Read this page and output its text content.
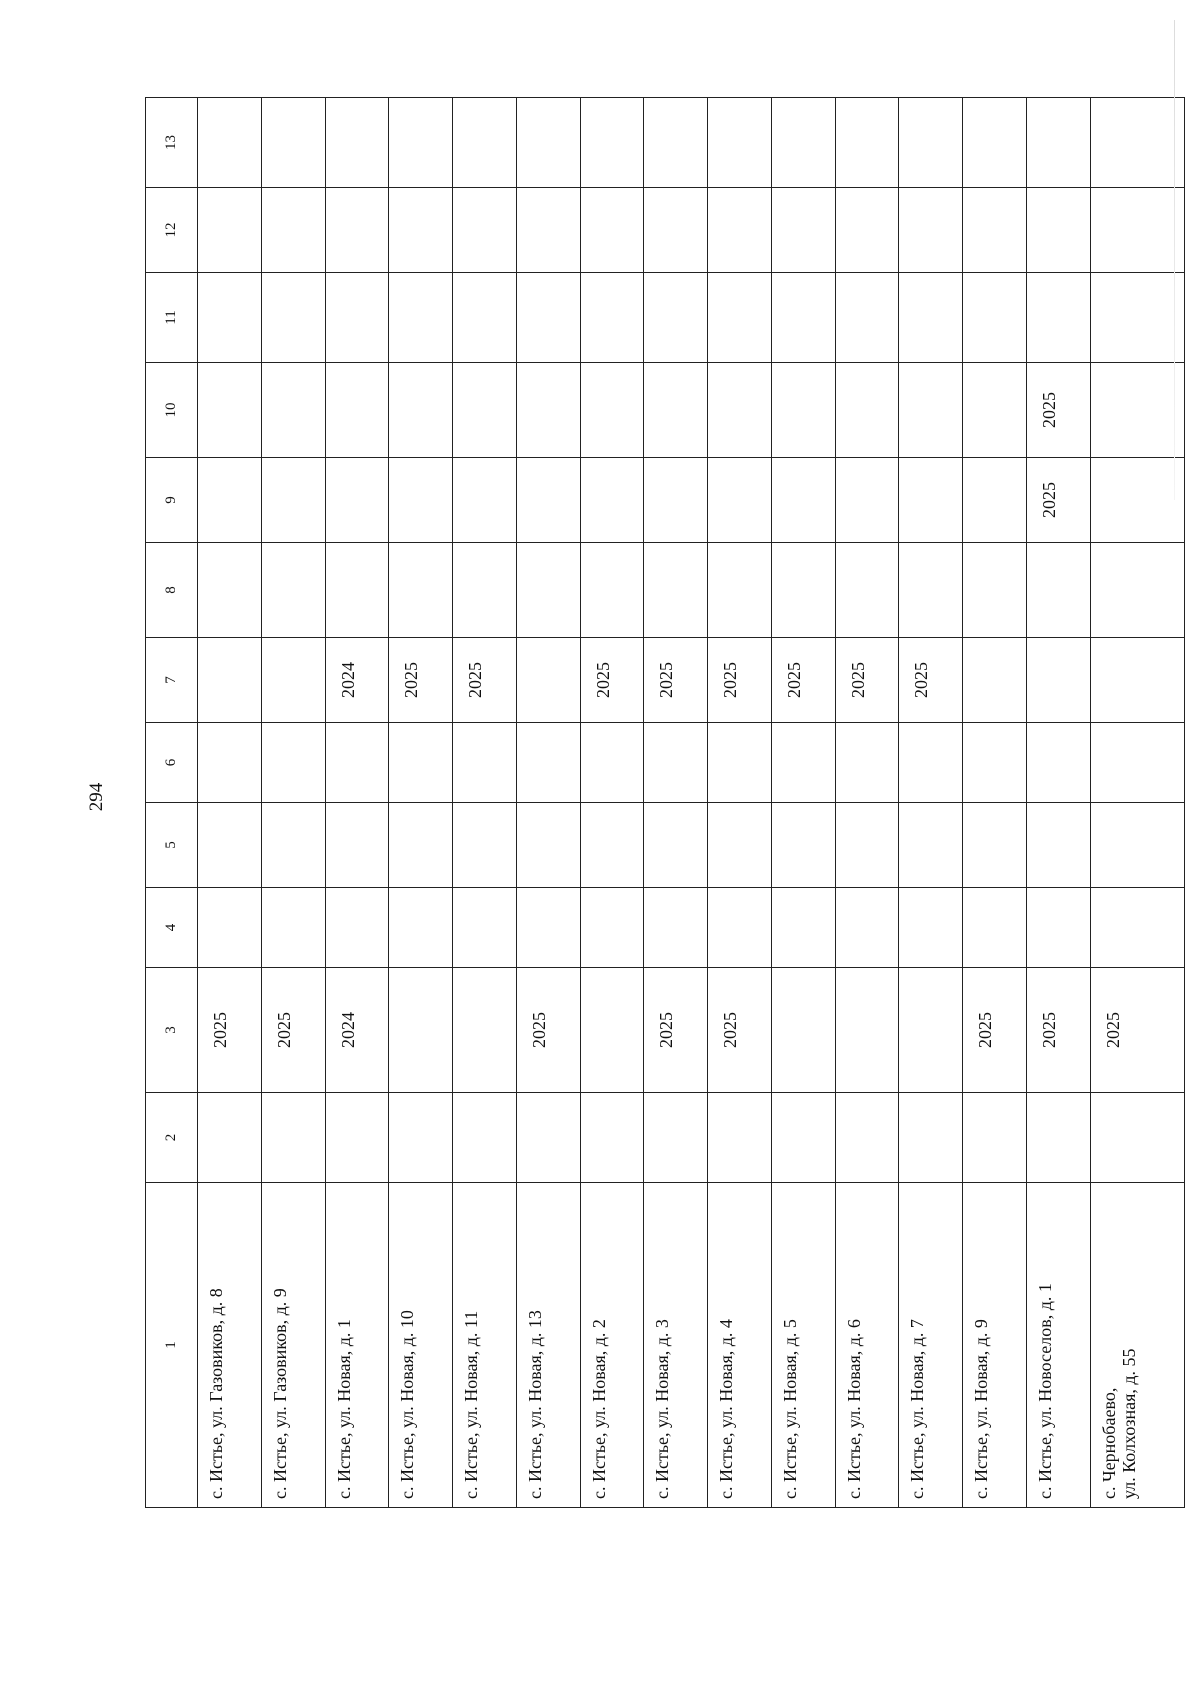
294
1	2	3	4	5	6	7	8	9	10	11	12	13
с. Истье, ул. Газовиков, д. 8		2025										
с. Истье, ул. Газовиков, д. 9		2025										
с. Истье, ул. Новая, д. 1		2024				2024						
с. Истье, ул. Новая, д. 10						2025						
с. Истье, ул. Новая, д. 11						2025						
с. Истье, ул. Новая, д. 13		2025										
с. Истье, ул. Новая, д. 2						2025						
с. Истье, ул. Новая, д. 3		2025				2025						
с. Истье, ул. Новая, д. 4		2025				2025						
с. Истье, ул. Новая, д. 5						2025						
с. Истье, ул. Новая, д. 6						2025						
с. Истье, ул. Новая, д. 7						2025						
с. Истье, ул. Новая, д. 9		2025										
с. Истье, ул. Новоселов, д. 1		2025						2025	2025			
с. Чернобаево,
ул. Колхозная, д. 55		2025										
